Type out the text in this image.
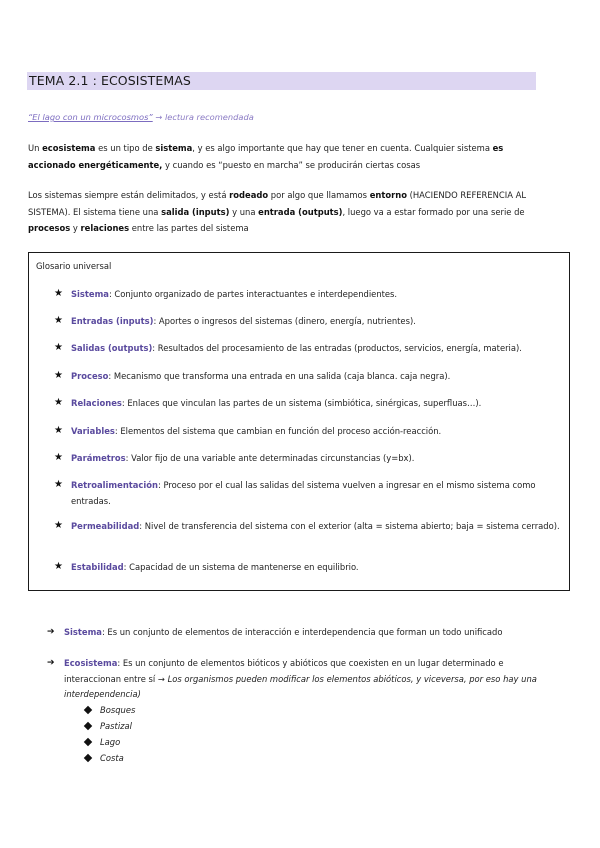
TEMA 2.1 : ECOSISTEMAS
“El lago con un microcosmos” → lectura recomendada
Un ecosistema es un tipo de sistema, y es algo importante que hay que tener en cuenta. Cualquier sistema es accionado energéticamente, y cuando es “puesto en marcha” se producirán ciertas cosas
Los sistemas siempre están delimitados, y está rodeado por algo que llamamos entorno (HACIENDO REFERENCIA AL SISTEMA). El sistema tiene una salida (inputs) y una entrada (outputs), luego va a estar formado por una serie de procesos y relaciones entre las partes del sistema
Glosario universal
★ Sistema: Conjunto organizado de partes interactuantes e interdependientes.
★ Entradas (inputs): Aportes o ingresos del sistemas (dinero, energía, nutrientes).
★ Salidas (outputs): Resultados del procesamiento de las entradas (productos, servicios, energía, materia).
★ Proceso: Mecanismo que transforma una entrada en una salida (caja blanca. caja negra).
★ Relaciones: Enlaces que vinculan las partes de un sistema (simbiótica, sinérgicas, superfluas…).
★ Variables: Elementos del sistema que cambian en función del proceso acción-reacción.
★ Parámetros: Valor fijo de una variable ante determinadas circunstancias (y=bx).
★ Retroalimentación: Proceso por el cual las salidas del sistema vuelven a ingresar en el mismo sistema como entradas.
★ Permeabilidad: Nivel de transferencia del sistema con el exterior (alta = sistema abierto; baja = sistema cerrado).
★ Estabilidad: Capacidad de un sistema de mantenerse en equilibrio.
➔ Sistema: Es un conjunto de elementos de interacción e interdependencia que forman un todo unificado
➔ Ecosistema: Es un conjunto de elementos bióticos y abióticos que coexisten en un lugar determinado e interaccionan entre sí → Los organismos pueden modificar los elementos abióticos, y viceversa, por eso hay una interdependencia)
Bosques
Pastizal
Lago
Costa
